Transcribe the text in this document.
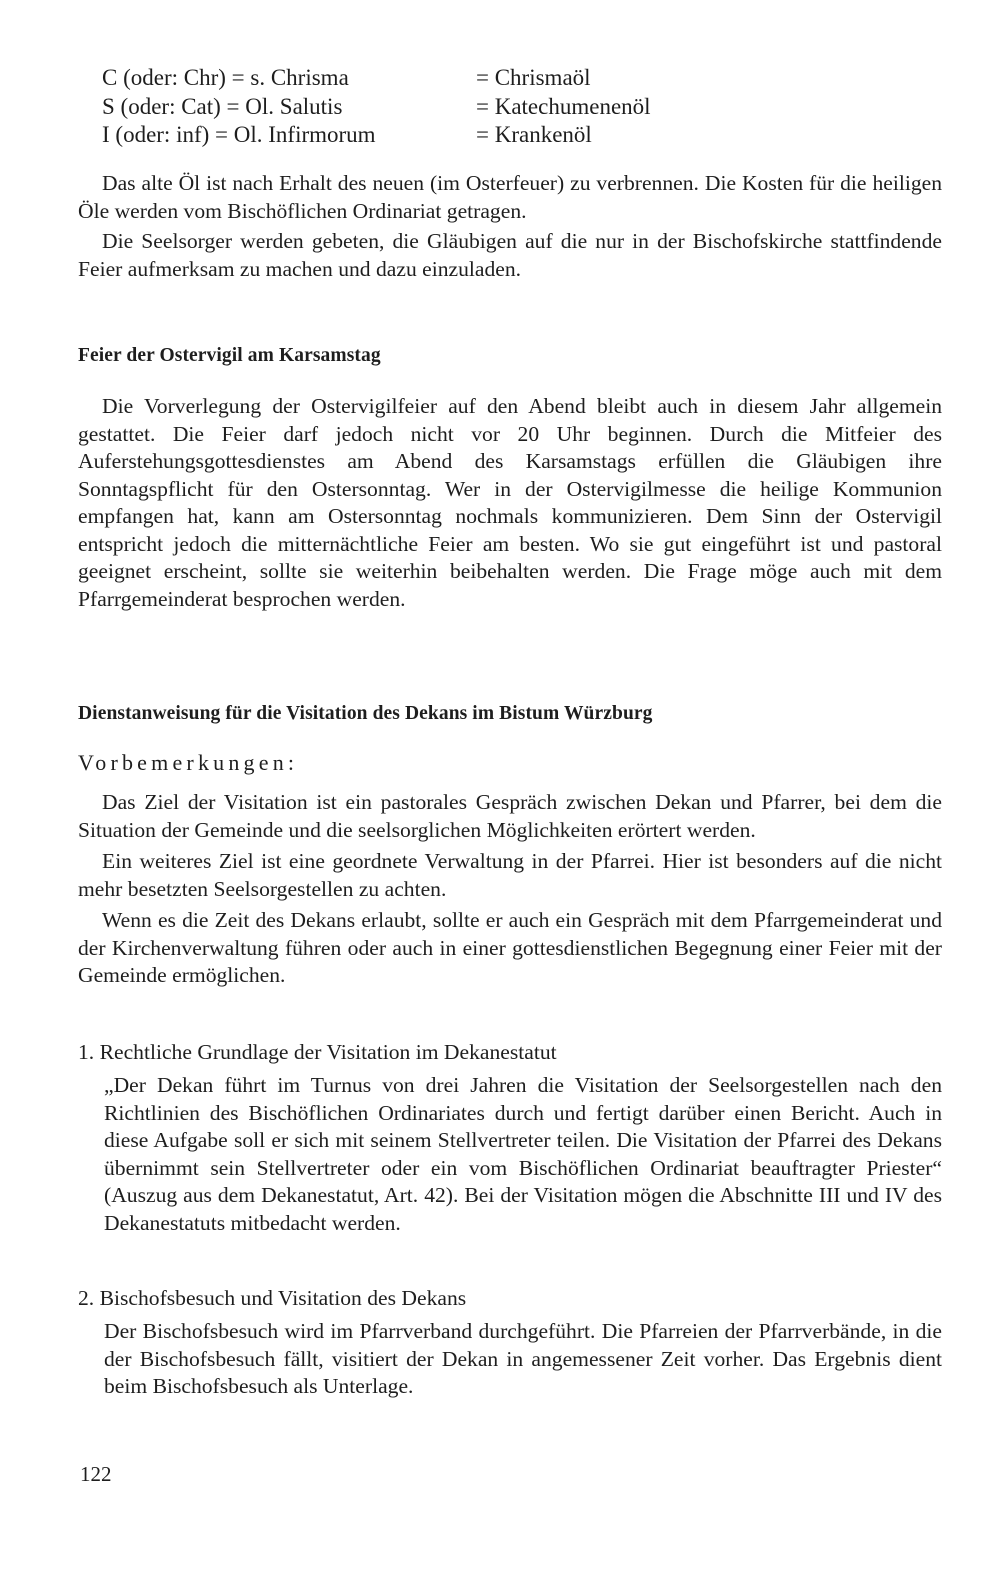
C (oder: Chr) = s. Chrisma	= Chrismaöl
S (oder: Cat) = Ol. Salutis	= Katechumenenöl
I (oder: inf) = Ol. Infirmorum	= Krankenöl

Das alte Öl ist nach Erhalt des neuen (im Osterfeuer) zu verbrennen. Die Kosten für die heiligen Öle werden vom Bischöflichen Ordinariat getragen.

Die Seelsorger werden gebeten, die Gläubigen auf die nur in der Bischofskirche stattfindende Feier aufmerksam zu machen und dazu einzuladen.

Feier der Ostervigil am Karsamstag

Die Vorverlegung der Ostervigilfeier auf den Abend bleibt auch in diesem Jahr allgemein gestattet. Die Feier darf jedoch nicht vor 20 Uhr beginnen. Durch die Mitfeier des Auferstehungsgottesdienstes am Abend des Karsamstags erfüllen die Gläubigen ihre Sonntagspflicht für den Ostersonntag. Wer in der Ostervigilmesse die heilige Kommunion empfangen hat, kann am Ostersonntag nochmals kommunizieren. Dem Sinn der Ostervigil entspricht jedoch die mitternächtliche Feier am besten. Wo sie gut eingeführt ist und pastoral geeignet erscheint, sollte sie weiterhin beibehalten werden. Die Frage möge auch mit dem Pfarrgemeinderat besprochen werden.

Dienstanweisung für die Visitation des Dekans im Bistum Würzburg
Vorbemerkungen:

Das Ziel der Visitation ist ein pastorales Gespräch zwischen Dekan und Pfarrer, bei dem die Situation der Gemeinde und die seelsorglichen Möglichkeiten erörtert werden.

Ein weiteres Ziel ist eine geordnete Verwaltung in der Pfarrei. Hier ist besonders auf die nicht mehr besetzten Seelsorgestellen zu achten.

Wenn es die Zeit des Dekans erlaubt, sollte er auch ein Gespräch mit dem Pfarrgemeinderat und der Kirchenverwaltung führen oder auch in einer gottesdienstlichen Begegnung einer Feier mit der Gemeinde ermöglichen.

1. Rechtliche Grundlage der Visitation im Dekanestatut

„Der Dekan führt im Turnus von drei Jahren die Visitation der Seelsorgestellen nach den Richtlinien des Bischöflichen Ordinariates durch und fertigt darüber einen Bericht. Auch in diese Aufgabe soll er sich mit seinem Stellvertreter teilen. Die Visitation der Pfarrei des Dekans übernimmt sein Stellvertreter oder ein vom Bischöflichen Ordinariat beauftragter Priester“ (Auszug aus dem Dekanestatut, Art. 42). Bei der Visitation mögen die Abschnitte III und IV des Dekanestatuts mitbedacht werden.

2. Bischofsbesuch und Visitation des Dekans

Der Bischofsbesuch wird im Pfarrverband durchgeführt. Die Pfarreien der Pfarrverbände, in die der Bischofsbesuch fällt, visitiert der Dekan in angemessener Zeit vorher. Das Ergebnis dient beim Bischofsbesuch als Unterlage.

122
